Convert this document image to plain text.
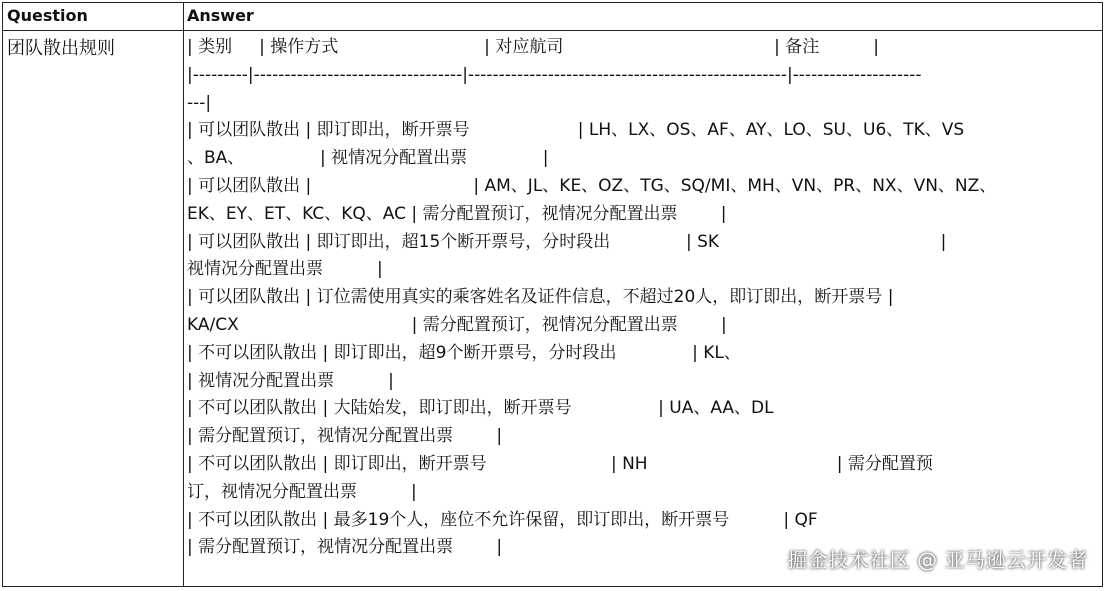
Question	Answer
团队散出规则	| 类别     | 操作方式                           | 对应航司                                       | 备注          |
|---------|----------------------------------|----------------------------------------------------|---------------------
---|
| 可以团队散出 | 即订即出，断开票号                    | LH、LX、OS、AF、AY、LO、SU、U6、TK、VS
、BA、              | 视情况分配置出票              |
| 可以团队散出 |                              | AM、JL、KE、OZ、TG、SQ/MI、MH、VN、PR、NX、VN、NZ、
EK、EY、ET、KC、KQ、AC | 需分配置预订，视情况分配置出票        |
| 可以团队散出 | 即订即出，超15个断开票号，分时段出              | SK                                         |
视情况分配置出票          |
| 可以团队散出 | 订位需使用真实的乘客姓名及证件信息，不超过20人，即订即出，断开票号 |
KA/CX                                | 需分配置预订，视情况分配置出票        |
| 不可以团队散出 | 即订即出，超9个断开票号，分时段出              | KL、
| 视情况分配置出票          |
| 不可以团队散出 | 大陆始发，即订即出，断开票号                | UA、AA、DL
| 需分配置预订，视情况分配置出票        |
| 不可以团队散出 | 即订即出，断开票号                       | NH                                   | 需分配置预
订，视情况分配置出票          |
| 不可以团队散出 | 最多19个人，座位不允许保留，即订即出，断开票号          | QF
| 需分配置预订，视情况分配置出票        |
掘金技术社区 @ 亚马逊云开发者
